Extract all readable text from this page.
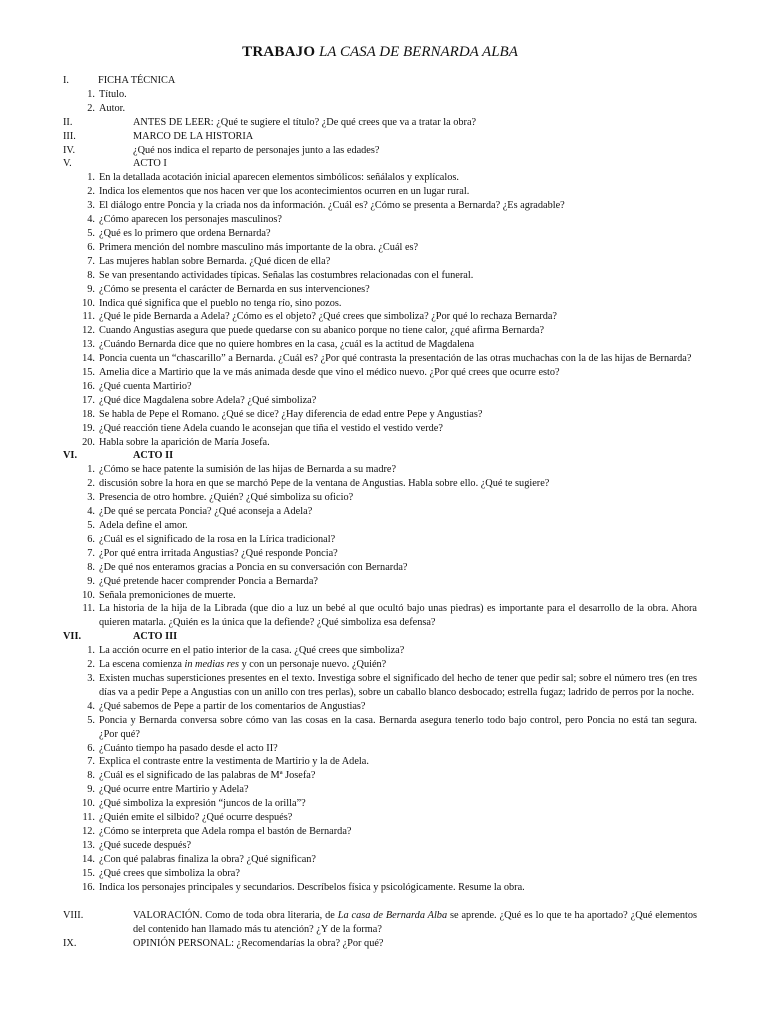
TRABAJO LA CASA DE BERNARDA ALBA
I.	FICHA TÉCNICA
1. Título.
2. Autor.
II.	ANTES DE LEER: ¿Qué te sugiere el título? ¿De qué crees que va a tratar la obra?
III.	MARCO DE LA HISTORIA
IV.	¿Qué nos indica el reparto de personajes junto a las edades?
V.	ACTO I
1. En la detallada acotación inicial aparecen elementos simbólicos: señálalos y explícalos.
2. Indica los elementos que nos hacen ver que los acontecimientos ocurren en un lugar rural.
3. El diálogo entre Poncia y la criada nos da información. ¿Cuál es? ¿Cómo se presenta a Bernarda? ¿Es agradable?
4. ¿Cómo aparecen los personajes masculinos?
5. ¿Qué es lo primero que ordena Bernarda?
6. Primera mención del nombre masculino más importante de la obra. ¿Cuál es?
7. Las mujeres hablan sobre Bernarda. ¿Qué dicen de ella?
8. Se van presentando actividades típicas. Señalas las costumbres relacionadas con el funeral.
9. ¿Cómo se presenta el carácter de Bernarda en sus intervenciones?
10. Indica qué significa que el pueblo no tenga río, sino pozos.
11. ¿Qué le pide Bernarda a Adela? ¿Cómo es el objeto? ¿Qué crees que simboliza? ¿Por qué lo rechaza Bernarda?
12. Cuando Angustias asegura que puede quedarse con su abanico porque no tiene calor, ¿qué afirma Bernarda?
13. ¿Cuándo Bernarda dice que no quiere hombres en la casa, ¿cuál es la actitud de Magdalena
14. Poncia cuenta un “chascarillo” a Bernarda. ¿Cuál es? ¿Por qué contrasta la presentación de las otras muchachas con la de las hijas de Bernarda?
15. Amelia dice a Martirio que la ve más animada desde que vino el médico nuevo. ¿Por qué crees que ocurre esto?
16. ¿Qué cuenta Martirio?
17. ¿Qué dice Magdalena sobre Adela? ¿Qué simboliza?
18. Se habla de Pepe el Romano. ¿Qué se dice? ¿Hay diferencia de edad entre Pepe y Angustias?
19. ¿Qué reacción tiene Adela cuando le aconsejan que tiña el vestido el vestido verde?
20. Habla sobre la aparición de María Josefa.
VI.	ACTO II
1. ¿Cómo se hace patente la sumisión de las hijas de Bernarda a su madre?
2. discusión sobre la hora en que se marchó Pepe de la ventana de Angustias. Habla sobre ello. ¿Qué te sugiere?
3. Presencia de otro hombre. ¿Quién? ¿Qué simboliza su oficio?
4. ¿De qué se percata Poncia? ¿Qué aconseja a Adela?
5. Adela define el amor.
6. ¿Cuál es el significado de la rosa en la Lírica tradicional?
7. ¿Por qué entra irritada Angustias? ¿Qué responde Poncia?
8. ¿De qué nos enteramos gracias a Poncia en su conversación con Bernarda?
9. ¿Qué pretende hacer comprender Poncia a Bernarda?
10. Señala premoniciones de muerte.
11. La historia de la hija de la Librada (que dio a luz un bebé al que ocultó bajo unas piedras) es importante para el desarrollo de la obra. Ahora quieren matarla. ¿Quién es la única que la defiende? ¿Qué simboliza esa defensa?
VII.	ACTO III
1. La acción ocurre en el patio interior de la casa. ¿Qué crees que simboliza?
2. La escena comienza in medias res y con un personaje nuevo. ¿Quién?
3. Existen muchas supersticiones presentes en el texto. Investiga sobre el significado del hecho de tener que pedir sal; sobre el número tres (en tres días va a pedir Pepe a Angustias con un anillo con tres perlas), sobre un caballo blanco desbocado; estrella fugaz; ladrido de perros por la noche.
4. ¿Qué sabemos de Pepe a partir de los comentarios de Angustias?
5. Poncia y Bernarda conversa sobre cómo van las cosas en la casa. Bernarda asegura tenerlo todo bajo control, pero Poncia no está tan segura. ¿Por qué?
6. ¿Cuánto tiempo ha pasado desde el acto II?
7. Explica el contraste entre la vestimenta de Martirio y la de Adela.
8. ¿Cuál es el significado de las palabras de Mª Josefa?
9. ¿Qué ocurre entre Martirio y Adela?
10. ¿Qué simboliza la expresión “juncos de la orilla”?
11. ¿Quién emite el silbido? ¿Qué ocurre después?
12. ¿Cómo se interpreta que Adela rompa el bastón de Bernarda?
13. ¿Qué sucede después?
14. ¿Con qué palabras finaliza la obra? ¿Qué significan?
15. ¿Qué crees que simboliza la obra?
16. Indica los personajes principales y secundarios. Descríbelos física y psicológicamente. Resume la obra.
VIII.	VALORACIÓN. Como de toda obra literaria, de La casa de Bernarda Alba se aprende. ¿Qué es lo que te ha aportado? ¿Qué elementos del contenido han llamado más tu atención? ¿Y de la forma?
IX.	OPINIÓN PERSONAL: ¿Recomendarías la obra? ¿Por qué?
